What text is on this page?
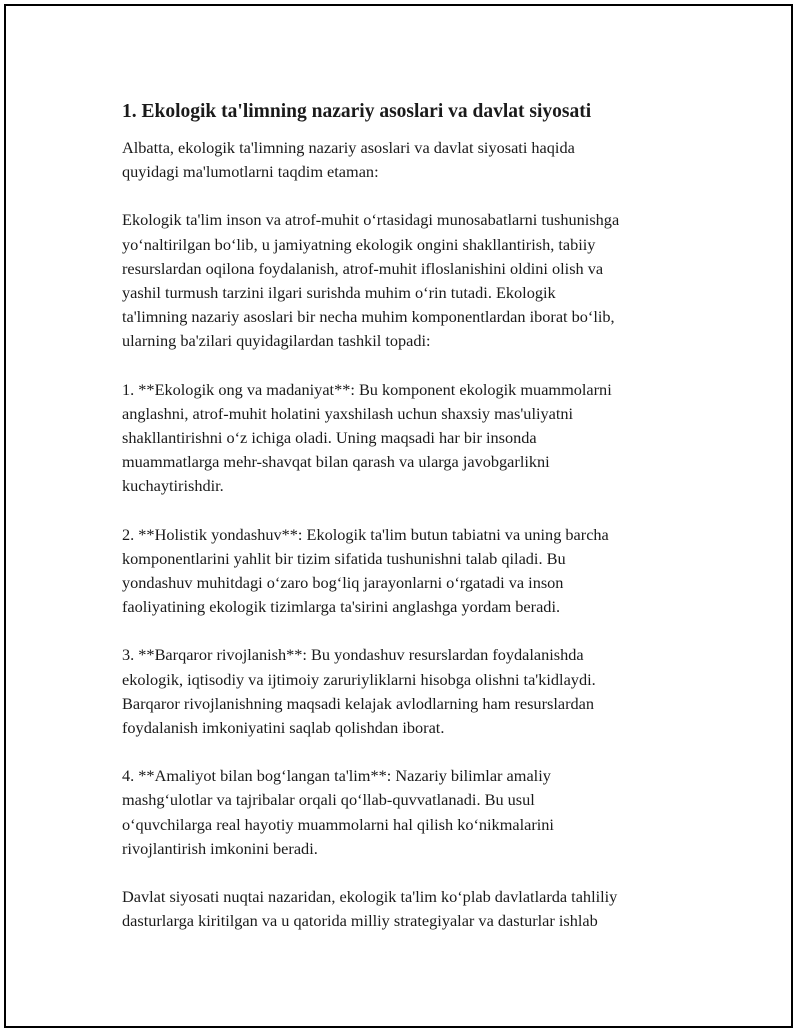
1. Ekologik ta'limning nazariy asoslari va davlat siyosati

Albatta, ekologik ta'limning nazariy asoslari va davlat siyosati haqida
quyidagi ma'lumotlarni taqdim etaman:

Ekologik ta'lim inson va atrof-muhit oʻrtasidagi munosabatlarni tushunishga
yoʻnaltirilgan boʻlib, u jamiyatning ekologik ongini shakllantirish, tabiiy
resurslardan oqilona foydalanish, atrof-muhit ifloslanishini oldini olish va
yashil turmush tarzini ilgari surishda muhim oʻrin tutadi. Ekologik
ta'limning nazariy asoslari bir necha muhim komponentlardan iborat boʻlib,
ularning ba'zilari quyidagilardan tashkil topadi:

1. **Ekologik ong va madaniyat**: Bu komponent ekologik muammolarni
anglashni, atrof-muhit holatini yaxshilash uchun shaxsiy mas'uliyatni
shakllantirishni oʻz ichiga oladi. Uning maqsadi har bir insonda
muammatlarga mehr-shavqat bilan qarash va ularga javobgarlikni
kuchaytirishdir.

2. **Holistik yondashuv**: Ekologik ta'lim butun tabiatni va uning barcha
komponentlarini yahlit bir tizim sifatida tushunishni talab qiladi. Bu
yondashuv muhitdagi oʻzaro bogʻliq jarayonlarni oʻrgatadi va inson
faoliyatining ekologik tizimlarga ta'sirini anglashga yordam beradi.

3. **Barqaror rivojlanish**: Bu yondashuv resurslardan foydalanishda
ekologik, iqtisodiy va ijtimoiy zaruriyliklarni hisobga olishni ta'kidlaydi.
Barqaror rivojlanishning maqsadi kelajak avlodlarning ham resurslardan
foydalanish imkoniyatini saqlab qolishdan iborat.

4. **Amaliyot bilan bogʻlangan ta'lim**: Nazariy bilimlar amaliy
mashgʻulotlar va tajribalar orqali qoʻllab-quvvatlanadi. Bu usul
oʻquvchilarga real hayotiy muammolarni hal qilish koʻnikmalarini
rivojlantirish imkonini beradi.

Davlat siyosati nuqtai nazaridan, ekologik ta'lim koʻplab davlatlarda tahliliy
dasturlarga kiritilgan va u qatorida milliy strategiyalar va dasturlar ishlab
